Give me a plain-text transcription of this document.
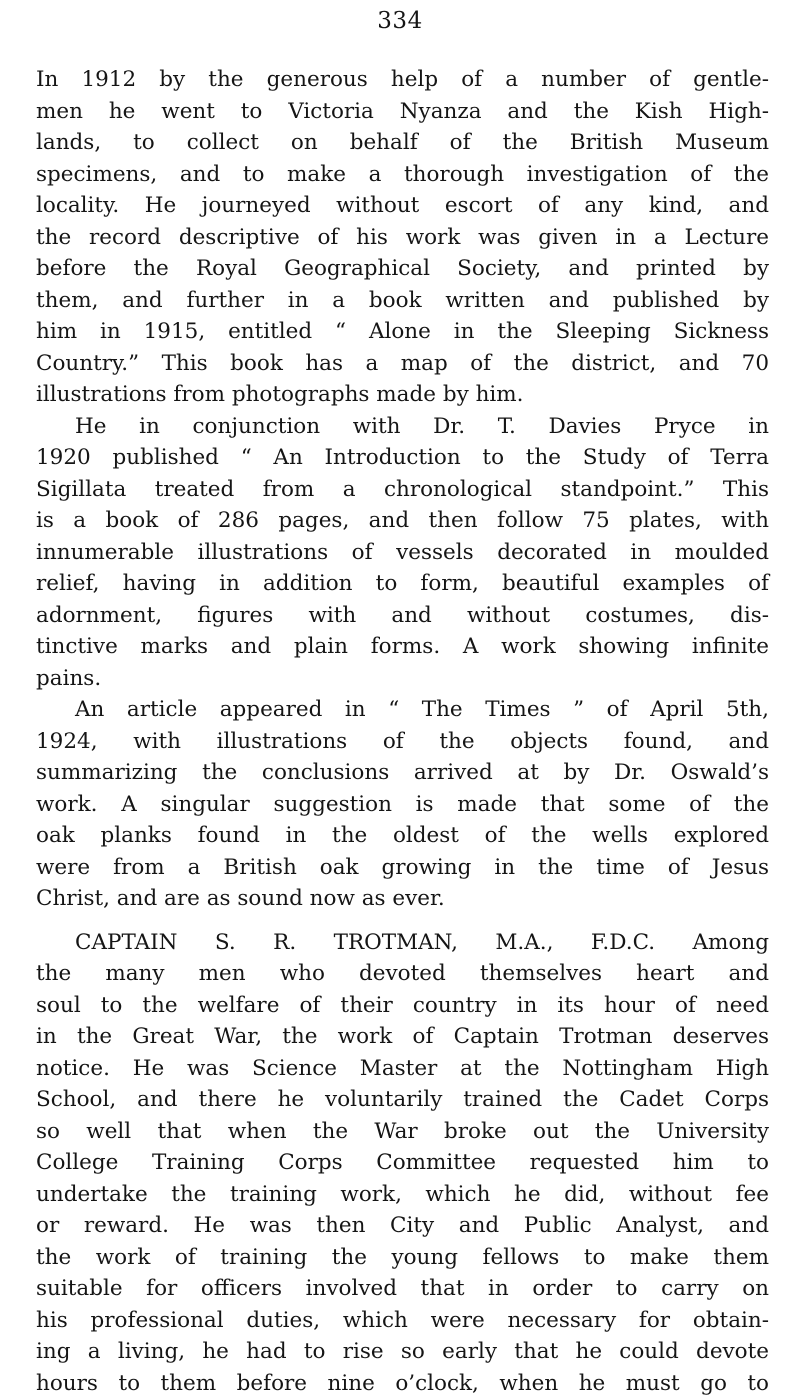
334
In 1912 by the generous help of a number of gentle-
men he went to Victoria Nyanza and the Kish High-
lands, to collect on behalf of the British Museum
specimens, and to make a thorough investigation of the
locality. He journeyed without escort of any kind, and
the record descriptive of his work was given in a Lecture
before the Royal Geographical Society, and printed by
them, and further in a book written and published by
him in 1915, entitled “ Alone in the Sleeping Sickness
Country.” This book has a map of the district, and 70
illustrations from photographs made by him.
He in conjunction with Dr. T. Davies Pryce in
1920 published “ An Introduction to the Study of Terra
Sigillata treated from a chronological standpoint.” This
is a book of 286 pages, and then follow 75 plates, with
innumerable illustrations of vessels decorated in moulded
relief, having in addition to form, beautiful examples of
adornment, figures with and without costumes, dis-
tinctive marks and plain forms. A work showing infinite
pains.
An article appeared in “ The Times ” of April 5th,
1924, with illustrations of the objects found, and
summarizing the conclusions arrived at by Dr. Oswald’s
work. A singular suggestion is made that some of the
oak planks found in the oldest of the wells explored
were from a British oak growing in the time of Jesus
Christ, and are as sound now as ever.
CAPTAIN S. R. TROTMAN, M.A., F.D.C. Among
the many men who devoted themselves heart and
soul to the welfare of their country in its hour of need
in the Great War, the work of Captain Trotman deserves
notice. He was Science Master at the Nottingham High
School, and there he voluntarily trained the Cadet Corps
so well that when the War broke out the University
College Training Corps Committee requested him to
undertake the training work, which he did, without fee
or reward. He was then City and Public Analyst, and
the work of training the young fellows to make them
suitable for officers involved that in order to carry on
his professional duties, which were necessary for obtain-
ing a living, he had to rise so early that he could devote
hours to them before nine o’clock, when he must go to
